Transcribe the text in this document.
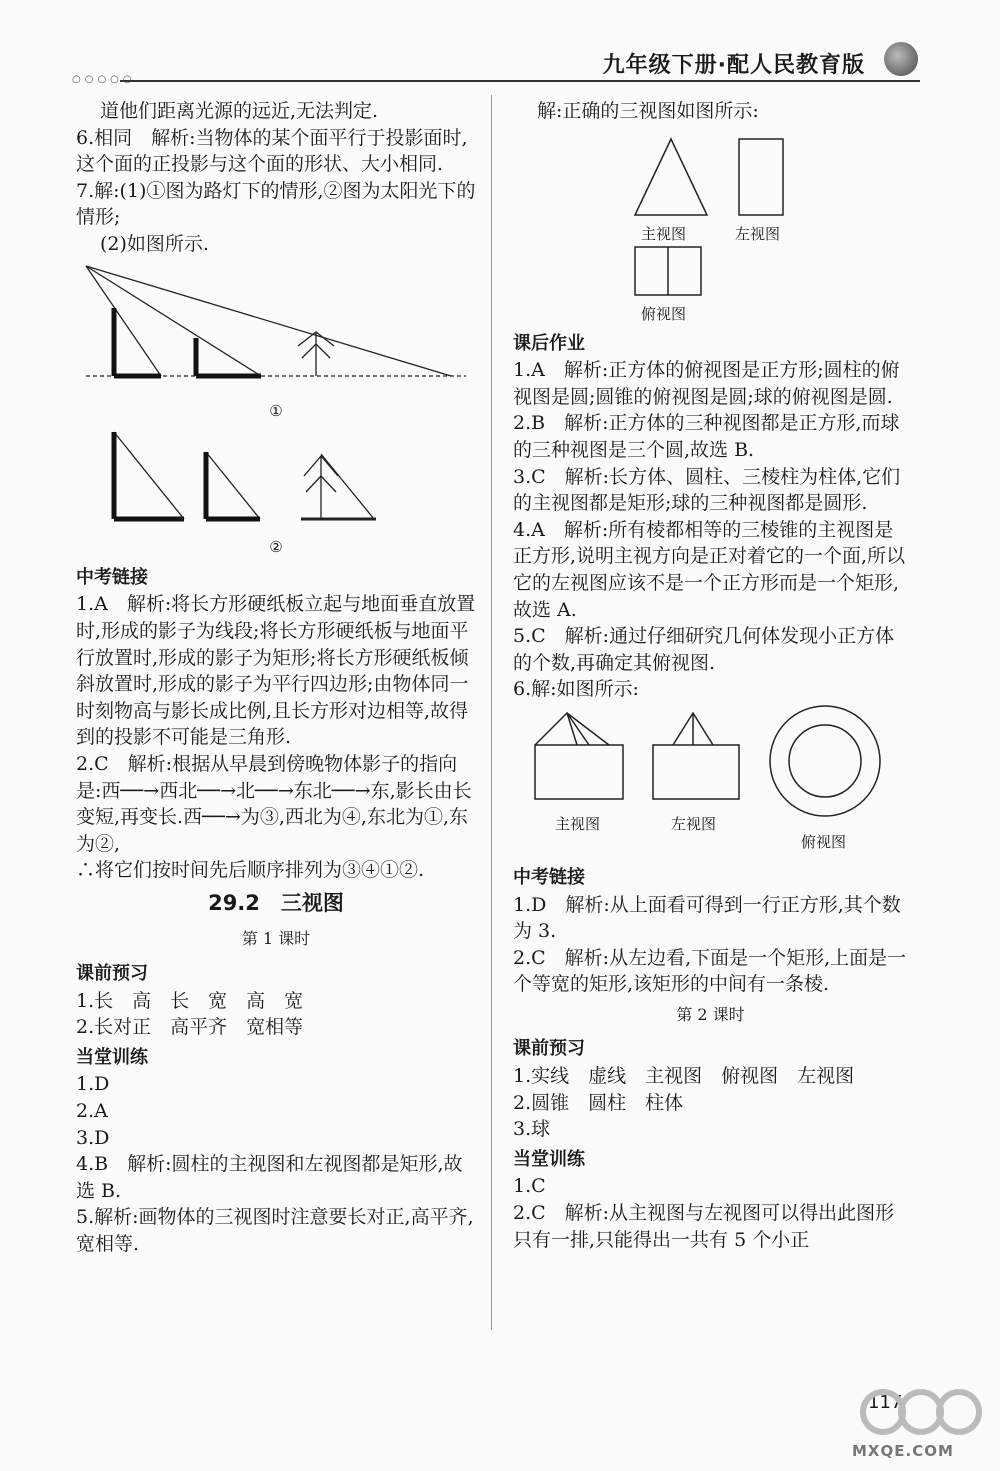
○○○○○
九年级下册·配人民教育版

道他们距离光源的远近,无法判定.

6.相同　解析:当物体的某个面平行于投影面时,这个面的正投影与这个面的形状、大小相同.

7.解:(1)①图为路灯下的情形,②图为太阳光下的情形;

(2)如图所示.

①
②
中考链接

1.A　解析:将长方形硬纸板立起与地面垂直放置时,形成的影子为线段;将长方形硬纸板与地面平行放置时,形成的影子为矩形;将长方形硬纸板倾斜放置时,形成的影子为平行四边形;由物体同一时刻物高与影长成比例,且长方形对边相等,故得到的投影不可能是三角形.

2.C　解析:根据从早晨到傍晚物体影子的指向是:西──→西北──→北──→东北──→东,影长由长变短,再变长.西──→为③,西北为④,东北为①,东为②,

∴将它们按时间先后顺序排列为③④①②.

29.2　三视图
第 1 课时
课前预习

1.长　高　长　宽　高　宽

2.长对正　高平齐　宽相等

当堂训练

1.D

2.A

3.D

4.B　解析:圆柱的主视图和左视图都是矩形,故选 B.

5.解析:画物体的三视图时注意要长对正,高平齐,宽相等.

解:正确的三视图如图所示:

主视图	左视图
俯视图
课后作业

1.A　解析:正方体的俯视图是正方形;圆柱的俯视图是圆;圆锥的俯视图是圆;球的俯视图是圆.

2.B　解析:正方体的三种视图都是正方形,而球的三种视图是三个圆,故选 B.

3.C　解析:长方体、圆柱、三棱柱为柱体,它们的主视图都是矩形;球的三种视图都是圆形.

4.A　解析:所有棱都相等的三棱锥的主视图是正方形,说明主视方向是正对着它的一个面,所以它的左视图应该不是一个正方形而是一个矩形,故选 A.

5.C　解析:通过仔细研究几何体发现小正方体的个数,再确定其俯视图.

6.解:如图所示:

主视图	左视图
俯视图
中考链接

1.D　解析:从上面看可得到一行正方形,其个数为 3.

2.C　解析:从左边看,下面是一个矩形,上面是一个等宽的矩形,该矩形的中间有一条棱.

第 2 课时
课前预习

1.实线　虚线　主视图　俯视图　左视图

2.圆锥　圆柱　柱体

3.球

当堂训练

1.C

2.C　解析:从主视图与左视图可以得出此图形只有一排,只能得出一共有 5 个小正

117
MXQE.COM
